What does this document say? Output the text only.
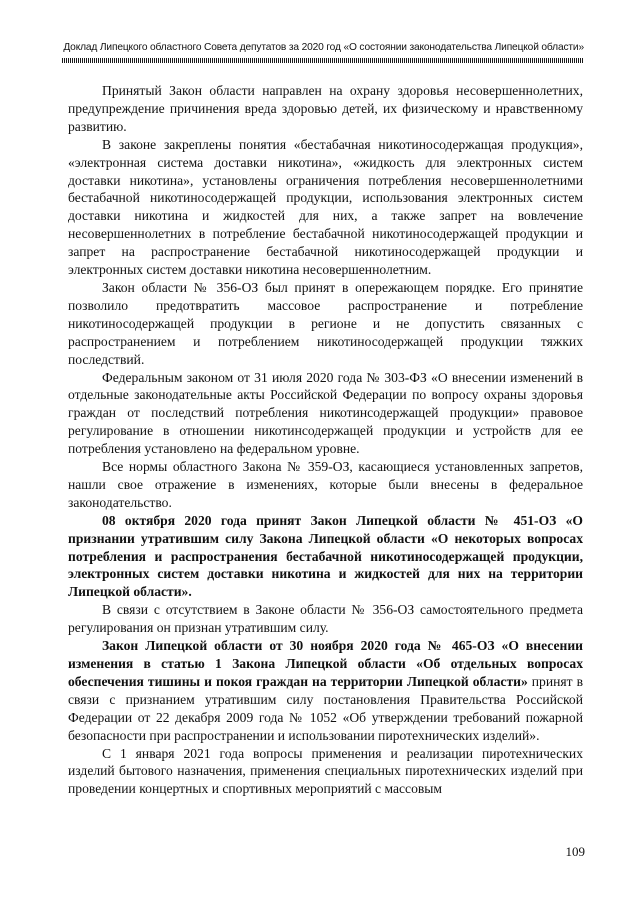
Доклад Липецкого областного Совета депутатов за 2020 год «О состоянии законодательства Липецкой области»

Принятый Закон области направлен на охрану здоровья несовершеннолетних, предупреждение причинения вреда здоровью детей, их физическому и нравственному развитию.

В законе закреплены понятия «бестабачная никотиносодержащая продукция», «электронная система доставки никотина», «жидкость для электронных систем доставки никотина», установлены ограничения потребления несовершеннолетними бестабачной никотиносодержащей продукции, использования электронных систем доставки никотина и жидкостей для них, а также запрет на вовлечение несовершеннолетних в потребление бестабачной никотиносодержащей продукции и запрет на распространение бестабачной никотиносодержащей продукции и электронных систем доставки никотина несовершеннолетним.

Закон области № 356-ОЗ был принят в опережающем порядке. Его принятие позволило предотвратить массовое распространение и потребление никотиносодержащей продукции в регионе и не допустить связанных с распространением и потреблением никотиносодержащей продукции тяжких последствий.

Федеральным законом от 31 июля 2020 года № 303-ФЗ «О внесении изменений в отдельные законодательные акты Российской Федерации по вопросу охраны здоровья граждан от последствий потребления никотинсодержащей продукции» правовое регулирование в отношении никотинсодержащей продукции и устройств для ее потребления установлено на федеральном уровне.

Все нормы областного Закона № 359-ОЗ, касающиеся установленных запретов, нашли свое отражение в изменениях, которые были внесены в федеральное законодательство.

08 октября 2020 года принят Закон Липецкой области № 451-ОЗ «О признании утратившим силу Закона Липецкой области «О некоторых вопросах потребления и распространения бестабачной никотиносодержащей продукции, электронных систем доставки никотина и жидкостей для них на территории Липецкой области».

В связи с отсутствием в Законе области № 356-ОЗ самостоятельного предмета регулирования он признан утратившим силу.

Закон Липецкой области от 30 ноября 2020 года № 465-ОЗ «О внесении изменения в статью 1 Закона Липецкой области «Об отдельных вопросах обеспечения тишины и покоя граждан на территории Липецкой области» принят в связи с признанием утратившим силу постановления Правительства Российской Федерации от 22 декабря 2009 года № 1052 «Об утверждении требований пожарной безопасности при распространении и использовании пиротехнических изделий».

С 1 января 2021 года вопросы применения и реализации пиротехнических изделий бытового назначения, применения специальных пиротехнических изделий при проведении концертных и спортивных мероприятий с массовым

109
